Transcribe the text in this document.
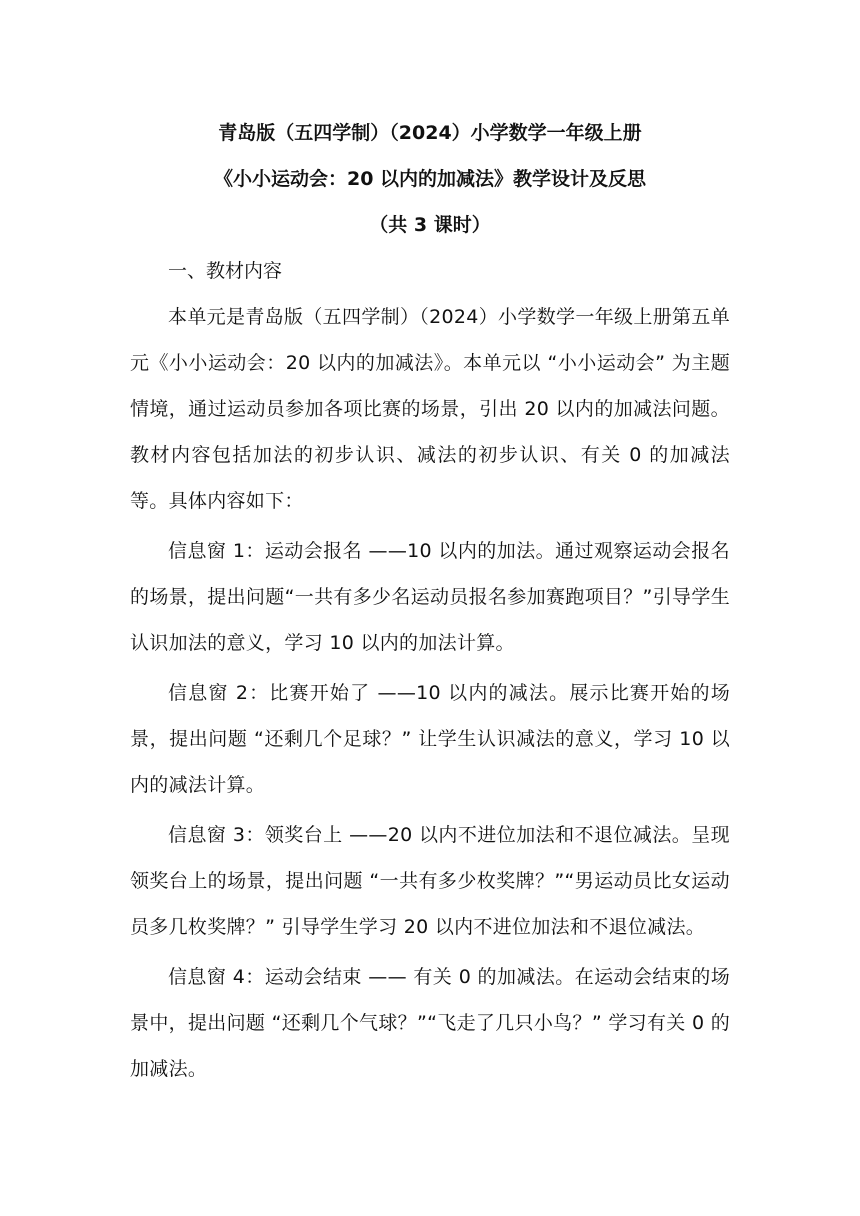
青岛版（五四学制）（2024）小学数学一年级上册

《小小运动会：20 以内的加减法》教学设计及反思

（共 3 课时）

一、教材内容

本单元是青岛版（五四学制）（2024）小学数学一年级上册第五单元《小小运动会：20 以内的加减法》。本单元以 “小小运动会” 为主题情境，通过运动员参加各项比赛的场景，引出 20 以内的加减法问题。教材内容包括加法的初步认识、减法的初步认识、有关 0 的加减法等。具体内容如下：

信息窗 1：运动会报名 ——10 以内的加法。通过观察运动会报名的场景，提出问题“一共有多少名运动员报名参加赛跑项目？”引导学生认识加法的意义，学习 10 以内的加法计算。

信息窗 2：比赛开始了 ——10 以内的减法。展示比赛开始的场景，提出问题 “还剩几个足球？” 让学生认识减法的意义，学习 10 以内的减法计算。

信息窗 3：领奖台上 ——20 以内不进位加法和不退位减法。呈现领奖台上的场景，提出问题 “一共有多少枚奖牌？”“男运动员比女运动员多几枚奖牌？” 引导学生学习 20 以内不进位加法和不退位减法。

信息窗 4：运动会结束 —— 有关 0 的加减法。在运动会结束的场景中，提出问题 “还剩几个气球？”“飞走了几只小鸟？” 学习有关 0 的加减法。
